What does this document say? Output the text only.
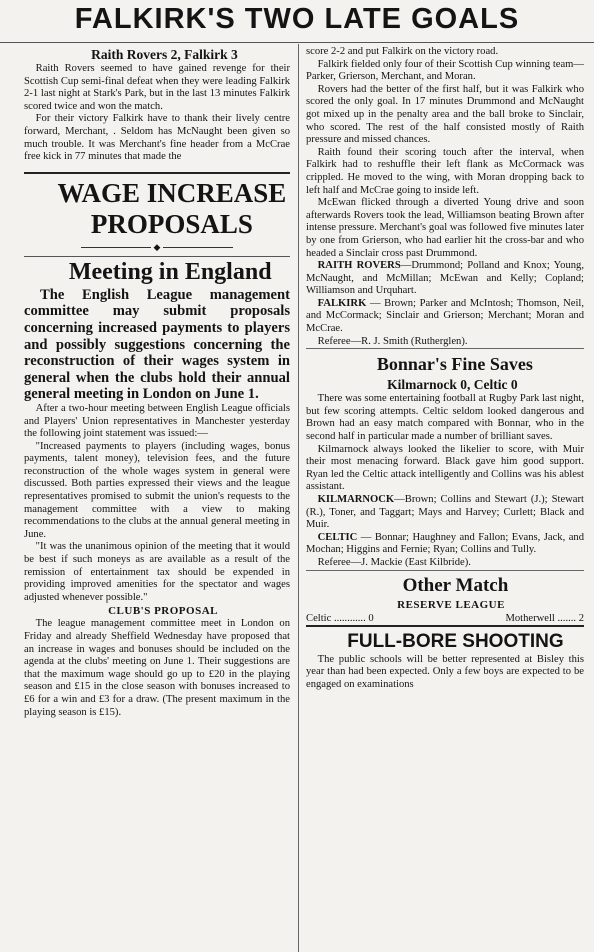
FALKIRK'S TWO LATE GOALS

Raith Rovers 2, Falkirk 3

Raith Rovers seemed to have gained revenge for their Scottish Cup semi-final defeat when they were leading Falkirk 2-1 last night at Stark's Park, but in the last 13 minutes Falkirk scored twice and won the match.

For their victory Falkirk have to thank their lively centre forward, Merchant, . Seldom has McNaught been given so much trouble. It was Merchant's fine header from a McCrae free kick in 77 minutes that made the

WAGE INCREASE

PROPOSALS

◆

Meeting in England

The English League management committee may submit proposals concerning increased payments to players and possibly suggestions concerning the reconstruction of their wages system in general when the clubs hold their annual general meeting in London on June 1.

After a two-hour meeting between English League officials and Players' Union representatives in Manchester yesterday the following joint statement was issued:—

"Increased payments to players (including wages, bonus payments, talent money), television fees, and the future reconstruction of the whole wages system in general were discussed. Both parties expressed their views and the league representatives promised to submit the union's requests to the management committee with a view to making recommendations to the clubs at the annual general meeting in June.

"It was the unanimous opinion of the meeting that it would be best if such moneys as are available as a result of the remission of entertainment tax should be expended in providing improved amenities for the spectator and wages adjusted whenever possible."

CLUB'S PROPOSAL

The league management committee meet in London on Friday and already Sheffield Wednesday have proposed that an increase in wages and bonuses should be included on the agenda at the clubs' meeting on June 1. Their suggestions are that the maximum wage should go up to £20 in the playing season and £15 in the close season with bonuses increased to £6 for a win and £3 for a draw. (The present maximum in the playing season is £15).

score 2-2 and put Falkirk on the victory road.

Falkirk fielded only four of their Scottish Cup winning team—Parker, Grierson, Merchant, and Moran.

Rovers had the better of the first half, but it was Falkirk who scored the only goal. In 17 minutes Drummond and McNaught got mixed up in the penalty area and the ball broke to Sinclair, who scored. The rest of the half consisted mostly of Raith pressure and missed chances.

Raith found their scoring touch after the interval, when Falkirk had to reshuffle their left flank as McCormack was crippled. He moved to the wing, with Moran dropping back to left half and McCrae going to inside left.

McEwan flicked through a diverted Young drive and soon afterwards Rovers took the lead, Williamson beating Brown after intense pressure. Merchant's goal was followed five minutes later by one from Grierson, who had earlier hit the cross-bar and who headed a Sinclair cross past Drummond.

RAITH ROVERS—Drummond; Polland and Knox; Young, McNaught, and McMillan; McEwan and Kelly; Copland; Williamson and Urquhart.

FALKIRK — Brown; Parker and McIntosh; Thomson, Neil, and McCormack; Sinclair and Grierson; Merchant; Moran and McCrae.

Referee—R. J. Smith (Rutherglen).

Bonnar's Fine Saves

Kilmarnock 0, Celtic 0

There was some entertaining football at Rugby Park last night, but few scoring attempts. Celtic seldom looked dangerous and Brown had an easy match compared with Bonnar, who in the second half in particular made a number of brilliant saves.

Kilmarnock always looked the likelier to score, with Muir their most menacing forward. Black gave him good support. Ryan led the Celtic attack intelligently and Collins was his ablest assistant.

KILMARNOCK—Brown; Collins and Stewart (J.); Stewart (R.), Toner, and Taggart; Mays and Harvey; Curlett; Black and Muir.

CELTIC — Bonnar; Haughney and Fallon; Evans, Jack, and Mochan; Higgins and Fernie; Ryan; Collins and Tully.

Referee—J. Mackie (East Kilbride).

Other Match

RESERVE LEAGUE

Celtic ............ 0	Motherwell ....... 2

FULL-BORE SHOOTING

The public schools will be better represented at Bisley this year than had been expected. Only a few boys are expected to be engaged on examinations
